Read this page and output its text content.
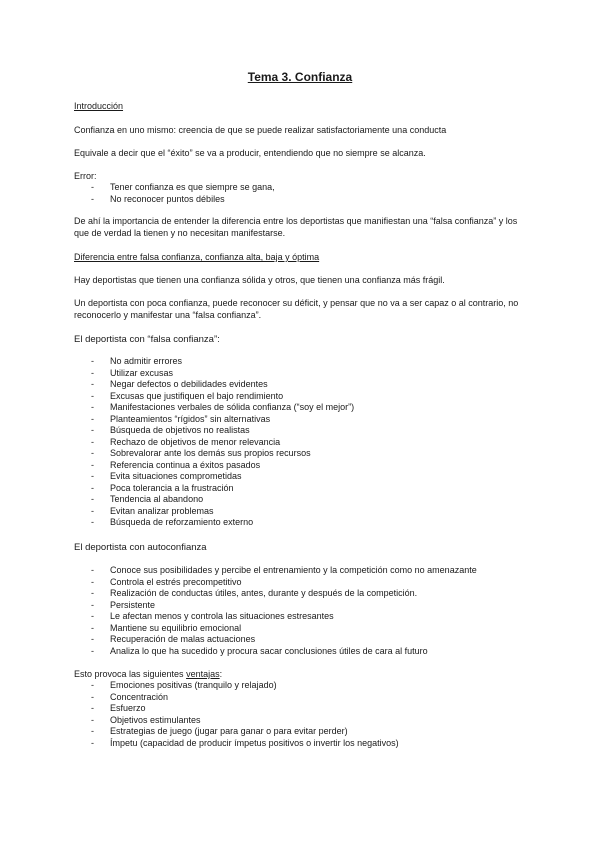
Tema 3. Confianza

Introducción

Confianza en uno mismo: creencia de que se puede realizar satisfactoriamente una conducta

Equivale a decir que el “éxito” se va a producir, entendiendo que no siempre se alcanza.

Error:

- Tener confianza es que siempre se gana,
- No reconocer puntos débiles

De ahí la importancia de entender la diferencia entre los deportistas que manifiestan una “falsa confianza” y los que de verdad la tienen y no necesitan manifestarse.

Diferencia entre falsa confianza, confianza alta, baja y óptima

Hay deportistas que tienen una confianza sólida y otros, que tienen una confianza más frágil.

Un deportista con poca confianza, puede reconocer su déficit, y pensar que no va a ser capaz o al contrario, no reconocerlo y manifestar una “falsa confianza”.

El deportista con “falsa confianza”:

- No admitir errores
- Utilizar excusas
- Negar defectos o debilidades evidentes
- Excusas que justifiquen el bajo rendimiento
- Manifestaciones verbales de sólida confianza (“soy el mejor”)
- Planteamientos “rígidos” sin alternativas
- Búsqueda de objetivos no realistas
- Rechazo de objetivos de menor relevancia
- Sobrevalorar ante los demás sus propios recursos
- Referencia continua a éxitos pasados
- Evita situaciones comprometidas
- Poca tolerancia a la frustración
- Tendencia al abandono
- Evitan analizar problemas
- Búsqueda de reforzamiento externo

El deportista con autoconfianza

- Conoce sus posibilidades y percibe el entrenamiento y la competición como no amenazante
- Controla el estrés precompetitivo
- Realización de conductas útiles, antes, durante y después de la competición.
- Persistente
- Le afectan menos y controla las situaciones estresantes
- Mantiene su equilibrio emocional
- Recuperación de malas actuaciones
- Analiza lo que ha sucedido y procura sacar conclusiones útiles de cara al futuro

Esto provoca las siguientes ventajas:

- Emociones positivas (tranquilo y relajado)
- Concentración
- Esfuerzo
- Objetivos estimulantes
- Estrategias de juego (jugar para ganar o para evitar perder)
- Ímpetu (capacidad de producir ímpetus positivos o invertir los negativos)
